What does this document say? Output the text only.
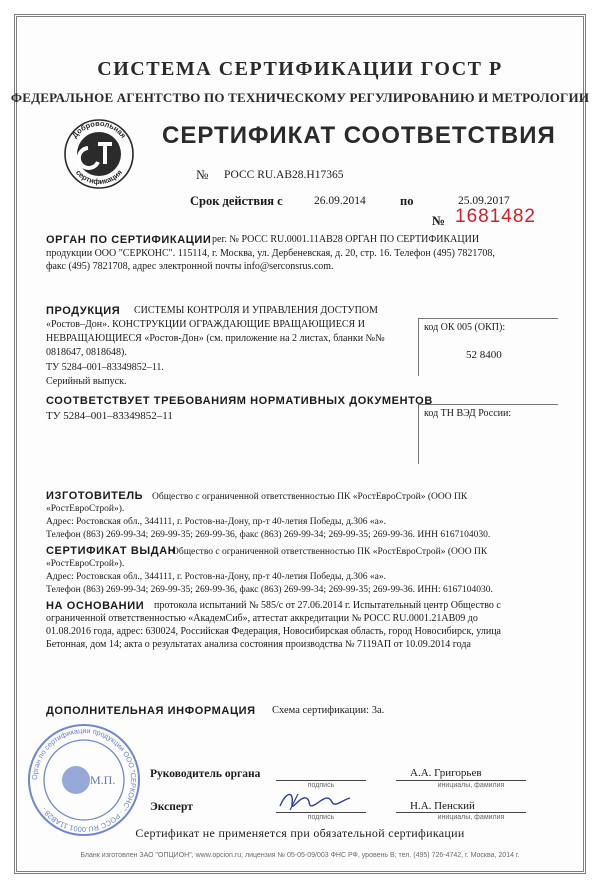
СИСТЕМА СЕРТИФИКАЦИИ ГОСТ Р
ФЕДЕРАЛЬНОЕ АГЕНТСТВО ПО ТЕХНИЧЕСКОМУ РЕГУЛИРОВАНИЮ И МЕТРОЛОГИИ
Добровольная
сертификация
СЕРТИФИКАТ СООТВЕТСТВИЯ
№ РОСС RU.АВ28.Н17365
Срок действия с	26.09.2014	по	25.09.2017
№ 1681482
ОРГАН ПО СЕРТИФИКАЦИИ рег. № РОСС RU.0001.11АВ28 ОРГАН ПО СЕРТИФИКАЦИИ
продукции ООО "СЕРКОНС". 115114, г. Москва, ул. Дербеневская, д. 20, стр. 16. Телефон (495) 7821708,
факс (495) 7821708, адрес электронной почты info@serconsrus.com.
ПРОДУКЦИЯ СИСТЕМЫ КОНТРОЛЯ И УПРАВЛЕНИЯ ДОСТУПОМ
«Ростов–Дон». КОНСТРУКЦИИ ОГРАЖДАЮЩИЕ ВРАЩАЮЩИЕСЯ И
НЕВРАЩАЮЩИЕСЯ «Ростов-Дон» (см. приложение на 2 листах, бланки №№
0818647, 0818648).
ТУ 5284–001–83349852–11.
Серийный выпуск.
код ОК 005 (ОКП):
52 8400
СООТВЕТСТВУЕТ ТРЕБОВАНИЯМ НОРМАТИВНЫХ ДОКУМЕНТОВ
ТУ 5284–001–83349852–11	код ТН ВЭД России:
ИЗГОТОВИТЕЛЬ Общество с ограниченной ответственностью ПК «РостЕвроСтрой» (ООО ПК
«РостЕвроСтрой»).
Адрес: Ростовская обл., 344111, г. Ростов-на-Дону, пр-т 40-летия Победы, д.306 «а».
Телефон (863) 269-99-34; 269-99-35; 269-99-36, факс (863) 269-99-34; 269-99-35; 269-99-36. ИНН 6167104030.
СЕРТИФИКАТ ВЫДАН
Общество с ограниченной ответственностью ПК «РостЕвроСтрой» (ООО ПК
«РостЕвроСтрой»).
Адрес: Ростовская обл., 344111, г. Ростов-на-Дону, пр-т 40-летия Победы, д.306 «а».
Телефон (863) 269-99-34; 269-99-35; 269-99-36, факс (863) 269-99-34; 269-99-35; 269-99-36. ИНН: 6167104030.
НА ОСНОВАНИИ протокола испытаний № 585/с от 27.06.2014 г. Испытательный центр Общество с
ограниченной ответственностью «АкадемСиб», аттестат аккредитации № РОСС RU.0001.21АВ09 до
01.08.2016 года, адрес: 630024, Российская Федерация, Новосибирская область, город Новосибирск, улица
Бетонная, дом 14; акта о результатах анализа состояния производства № 7119АП от 10.09.2014 года
ДОПОЛНИТЕЛЬНАЯ ИНФОРМАЦИЯ Схема сертификации: 3а.
Орган по сертификации продукции ООО "СЕРКОНС" · РОСС RU.0001.11АВ28 ·
М.П.	Руководитель органа
подпись
А.А. Григорьев
инициалы, фамилия
Эксперт
подпись
Н.А. Пенский
инициалы, фамилия
Сертификат не применяется при обязательной сертификации
Бланк изготовлен ЗАО "ОПЦИОН", www.opcion.ru, лицензия № 05-05-09/003 ФНС РФ, уровень В; тел. (495) 726-4742, г. Москва, 2014 г.
